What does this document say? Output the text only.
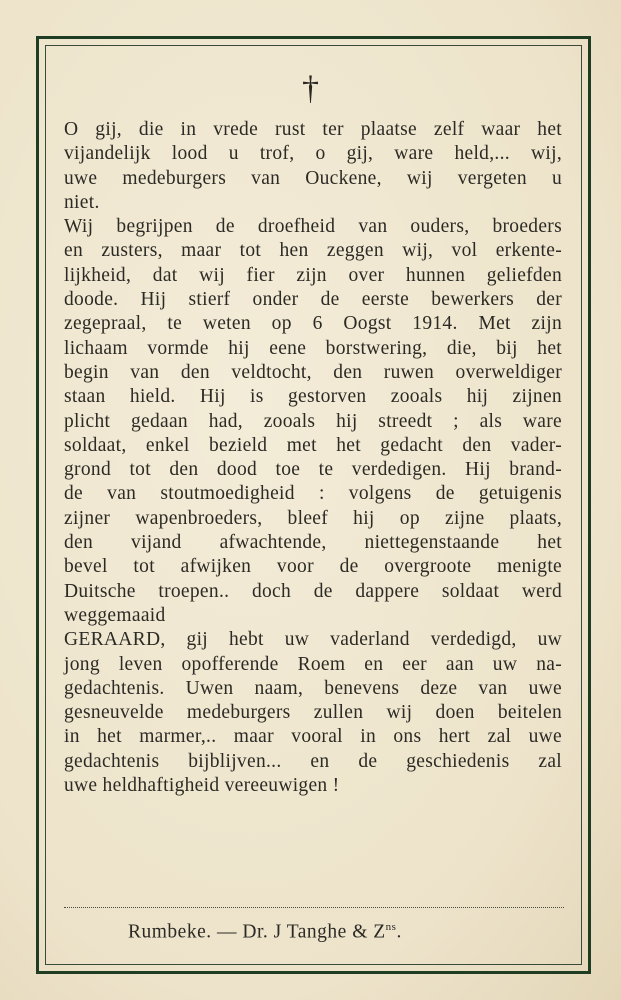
†

O gij, die in vrede rust ter plaatse zelf waar het
vijandelijk lood u trof, o gij, ware held,... wij,
uwe medeburgers van Ouckene, wij vergeten u
niet.

Wij begrijpen de droefheid van ouders, broeders
en zusters, maar tot hen zeggen wij, vol erkente-
lijkheid, dat wij fier zijn over hunnen geliefden
doode. Hij stierf onder de eerste bewerkers der
zegepraal, te weten op 6 Oogst 1914. Met zijn
lichaam vormde hij eene borstwering, die, bij het
begin van den veldtocht, den ruwen overweldiger
staan hield. Hij is gestorven zooals hij zijnen
plicht gedaan had, zooals hij streedt ; als ware
soldaat, enkel bezield met het gedacht den vader-
grond tot den dood toe te verdedigen. Hij brand-
de van stoutmoedigheid : volgens de getuigenis
zijner wapenbroeders, bleef hij op zijne plaats,
den vijand afwachtende, niettegenstaande het
bevel tot afwijken voor de overgroote menigte
Duitsche troepen.. doch de dappere soldaat werd
weggemaaid

GERAARD, gij hebt uw vaderland verdedigd, uw
jong leven opofferende Roem en eer aan uw na-
gedachtenis. Uwen naam, benevens deze van uwe
gesneuvelde medeburgers zullen wij doen beitelen
in het marmer,.. maar vooral in ons hert zal uwe
gedachtenis bijblijven... en de geschiedenis zal
uwe heldhaftigheid vereeuwigen !

Rumbeke. — Dr. J Tanghe & $Z^{ns}$.
